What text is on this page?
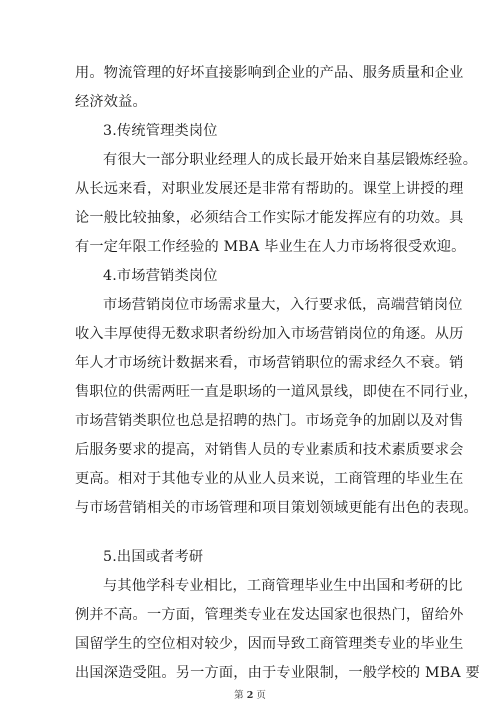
用。物流管理的好坏直接影响到企业的产品、服务质量和企业
经济效益。
3.传统管理类岗位
有很大一部分职业经理人的成长最开始来自基层锻炼经验。
从长远来看，对职业发展还是非常有帮助的。课堂上讲授的理
论一般比较抽象，必须结合工作实际才能发挥应有的功效。具
有一定年限工作经验的 MBA 毕业生在人力市场将很受欢迎。
4.市场营销类岗位
市场营销岗位市场需求量大，入行要求低，高端营销岗位
收入丰厚使得无数求职者纷纷加入市场营销岗位的角逐。从历
年人才市场统计数据来看，市场营销职位的需求经久不衰。销
售职位的供需两旺一直是职场的一道风景线，即使在不同行业，
市场营销类职位也总是招聘的热门。市场竞争的加剧以及对售
后服务要求的提高，对销售人员的专业素质和技术素质要求会
更高。相对于其他专业的从业人员来说，工商管理的毕业生在
与市场营销相关的市场管理和项目策划领域更能有出色的表现。
5.出国或者考研
与其他学科专业相比，工商管理毕业生中出国和考研的比
例并不高。一方面，管理类专业在发达国家也很热门，留给外
国留学生的空位相对较少，因而导致工商管理类专业的毕业生
出国深造受阻。另一方面，由于专业限制，一般学校的 MBA 要
第 2 页
